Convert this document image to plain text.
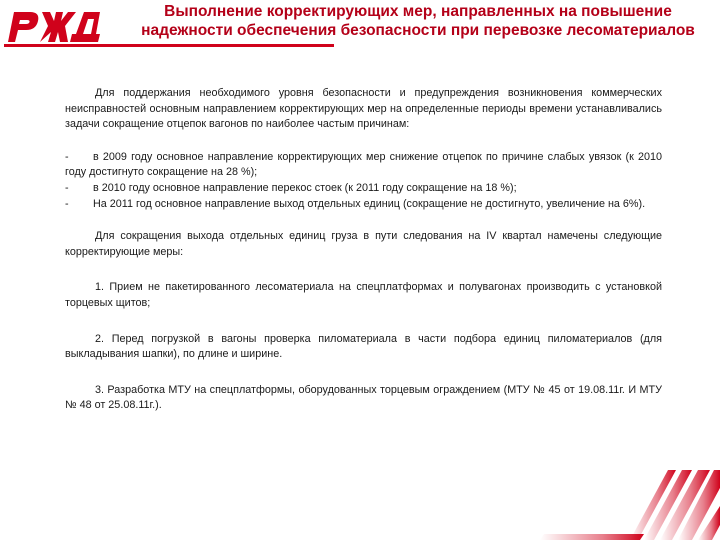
Выполнение корректирующих мер, направленных на повышение надежности обеспечения безопасности при перевозке лесоматериалов

Для поддержания необходимого уровня безопасности и предупреждения возникновения коммерческих неисправностей основным направлением корректирующих мер на определенные периоды времени устанавливались задачи сокращение отцепок вагонов по наиболее частым причинам:

- в 2009 году основное направление корректирующих мер снижение отцепок по причине слабых увязок (к 2010 году достигнуто сокращение на 28 %);

- в 2010 году основное направление перекос стоек (к 2011 году сокращение на 18 %);

- На 2011 год основное направление выход отдельных единиц (сокращение не достигнуто, увеличение на 6%).

Для сокращения выхода отдельных единиц груза в пути следования на IV квартал намечены следующие корректирующие меры:

1. Прием не пакетированного лесоматериала на спецплатформах и полувагонах производить с установкой торцевых щитов;

2. Перед погрузкой в вагоны проверка пиломатериала в части подбора единиц пиломатериалов (для выкладывания шапки), по длине и ширине.

3. Разработка МТУ на спецплатформы, оборудованных торцевым ограждением (МТУ № 45 от 19.08.11г. И МТУ № 48 от 25.08.11г.).
